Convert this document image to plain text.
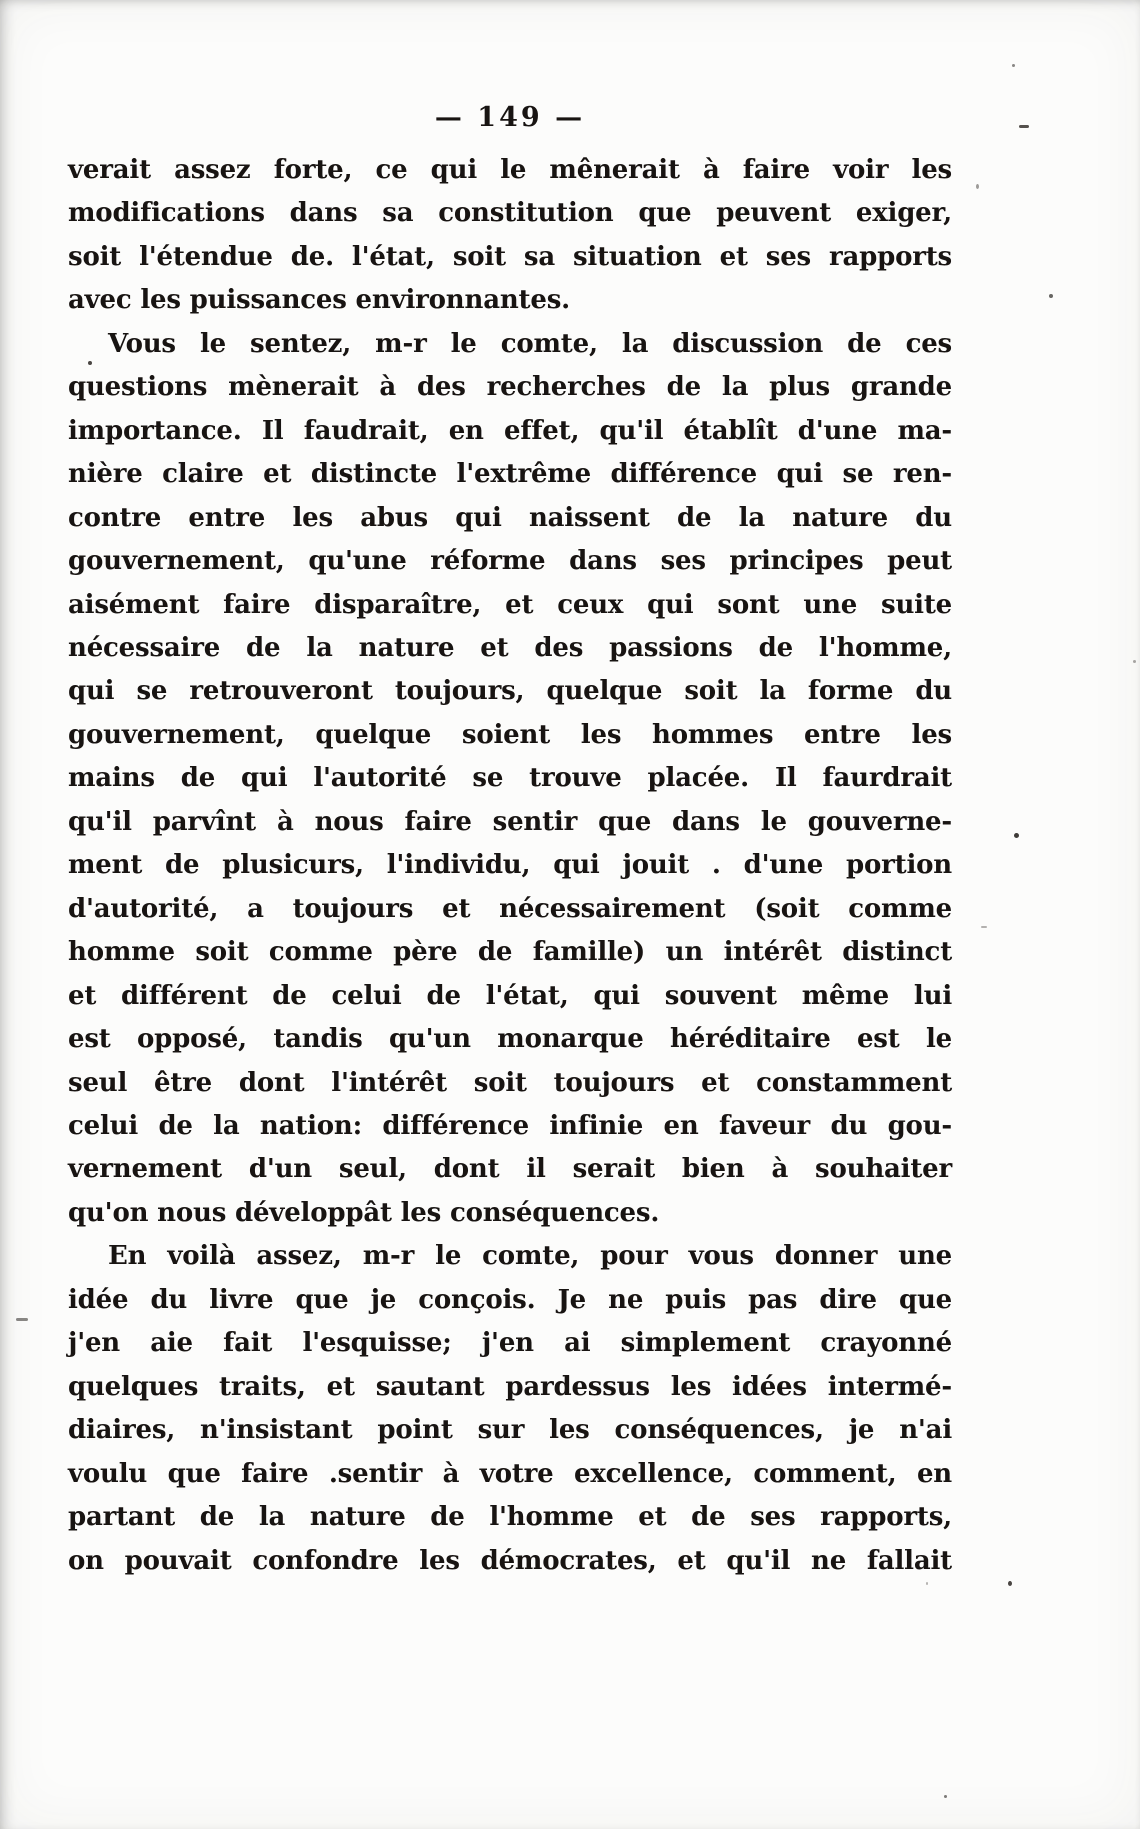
— 149 —
verait assez forte, ce qui le mênerait à faire voir les
modifications dans sa constitution que peuvent exiger,
soit l'étendue de. l'état, soit sa situation et ses rapports
avec les puissances environnantes.
Vous le sentez, m-r le comte, la discussion de ces
questions mènerait à des recherches de la plus grande
importance. Il faudrait, en effet, qu'il établît d'une ma-
nière claire et distincte l'extrême différence qui se ren-
contre entre les abus qui naissent de la nature du
gouvernement, qu'une réforme dans ses principes peut
aisément faire disparaître, et ceux qui sont une suite
nécessaire de la nature et des passions de l'homme,
qui se retrouveront toujours, quelque soit la forme du
gouvernement, quelque soient les hommes entre les
mains de qui l'autorité se trouve placée. Il faurdrait
qu'il parvînt à nous faire sentir que dans le gouverne-
ment de plusicurs, l'individu, qui jouit . d'une portion
d'autorité, a toujours et nécessairement (soit comme
homme soit comme père de famille) un intérêt distinct
et différent de celui de l'état, qui souvent même lui
est opposé, tandis qu'un monarque héréditaire est le
seul être dont l'intérêt soit toujours et constamment
celui de la nation: différence infinie en faveur du gou-
vernement d'un seul, dont il serait bien à souhaiter
qu'on nous développât les conséquences.
En voilà assez, m-r le comte, pour vous donner une
idée du livre que je conçois. Je ne puis pas dire que
j'en aie fait l'esquisse; j'en ai simplement crayonné
quelques traits, et sautant pardessus les idées intermé-
diaires, n'insistant point sur les conséquences, je n'ai
voulu que faire .sentir à votre excellence, comment, en
partant de la nature de l'homme et de ses rapports,
on pouvait confondre les démocrates, et qu'il ne fallait
